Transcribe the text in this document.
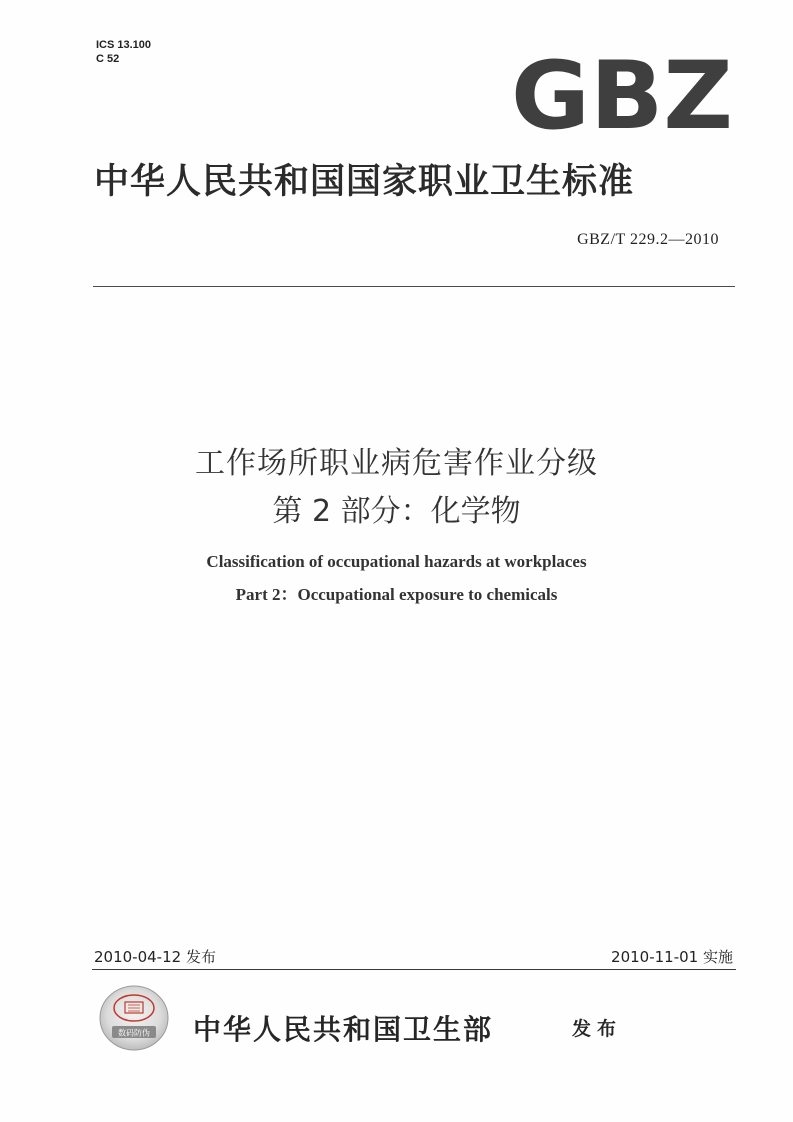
ICS 13.100
C 52	GBZ
中华人民共和国国家职业卫生标准
GBZ/T 229.2—2010
工作场所职业病危害作业分级
第 2 部分：化学物
Classification of occupational hazards at workplaces
Part 2：Occupational exposure to chemicals
2010-04-12 发布	2010-11-01 实施
数码防伪 中华人民共和国卫生部	发布
